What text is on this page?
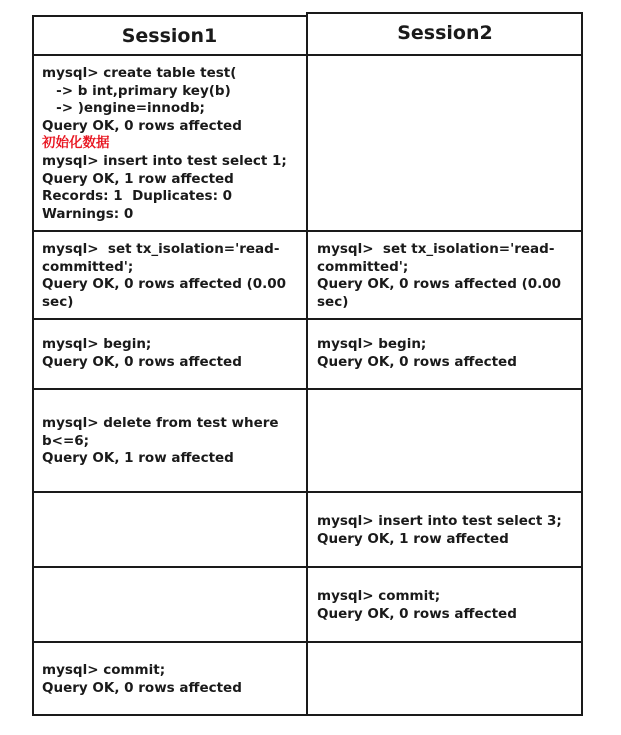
Session1	Session2
mysql> create table test(
-> b int,primary key(b)
-> )engine=innodb;
Query OK, 0 rows affected
初始化数据
mysql> insert into test select 1;
Query OK, 1 row affected
Records: 1  Duplicates: 0
Warnings: 0
mysql>  set tx_isolation='read-
committed';
Query OK, 0 rows affected (0.00
sec)
mysql>  set tx_isolation='read-
committed';
Query OK, 0 rows affected (0.00
sec)
mysql> begin;
Query OK, 0 rows affected
mysql> begin;
Query OK, 0 rows affected
mysql> delete from test where
b<=6;
Query OK, 1 row affected
mysql> insert into test select 3;
Query OK, 1 row affected
mysql> commit;
Query OK, 0 rows affected
mysql> commit;
Query OK, 0 rows affected
